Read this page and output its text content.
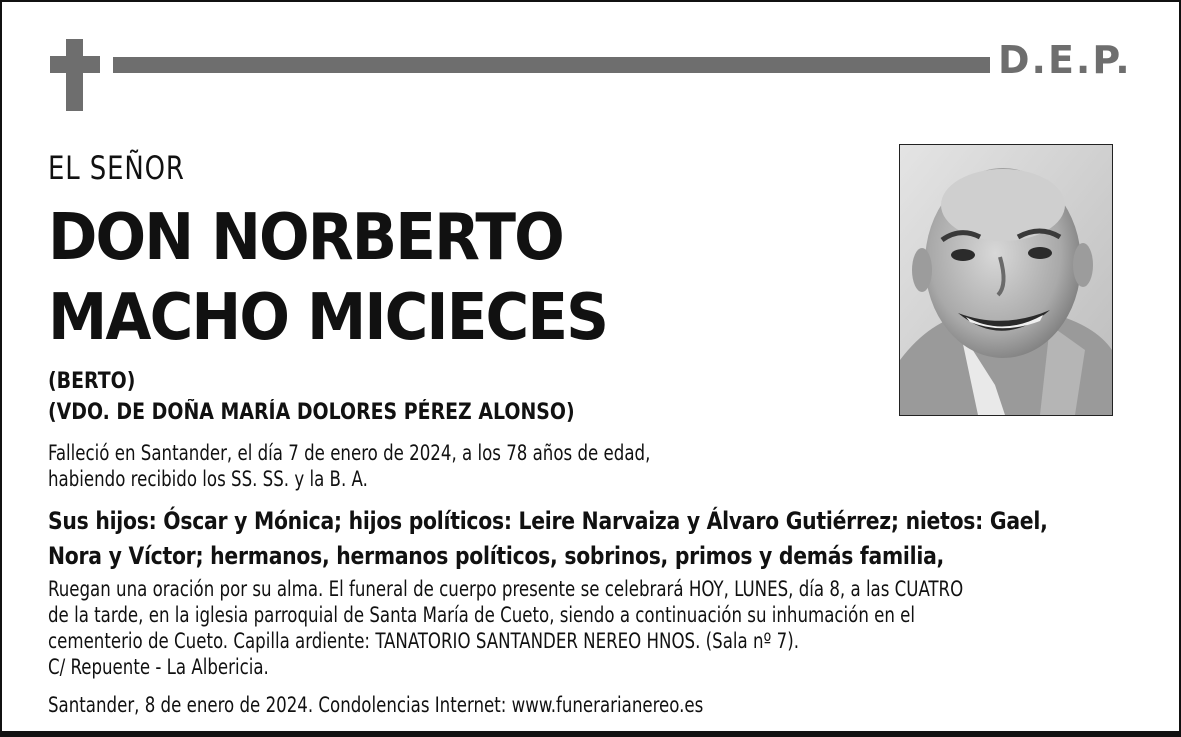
D.E.P.
EL SEÑOR
DON NORBERTO
MACHO MICIECES
(BERTO)
(VDO. DE DOÑA MARÍA DOLORES PÉREZ ALONSO)
Falleció en Santander, el día 7 de enero de 2024, a los 78 años de edad,
habiendo recibido los SS. SS. y la B. A.
Sus hijos: Óscar y Mónica; hijos políticos: Leire Narvaiza y Álvaro Gutiérrez; nietos: Gael,
Nora y Víctor; hermanos, hermanos políticos, sobrinos, primos y demás familia,
Ruegan una oración por su alma. El funeral de cuerpo presente se celebrará HOY, LUNES, día 8, a las CUATRO
de la tarde, en la iglesia parroquial de Santa María de Cueto, siendo a continuación su inhumación en el
cementerio de Cueto. Capilla ardiente: TANATORIO SANTANDER NEREO HNOS. (Sala nº 7).
C/ Repuente - La Albericia.
Santander, 8 de enero de 2024. Condolencias Internet: www.funerarianereo.es
